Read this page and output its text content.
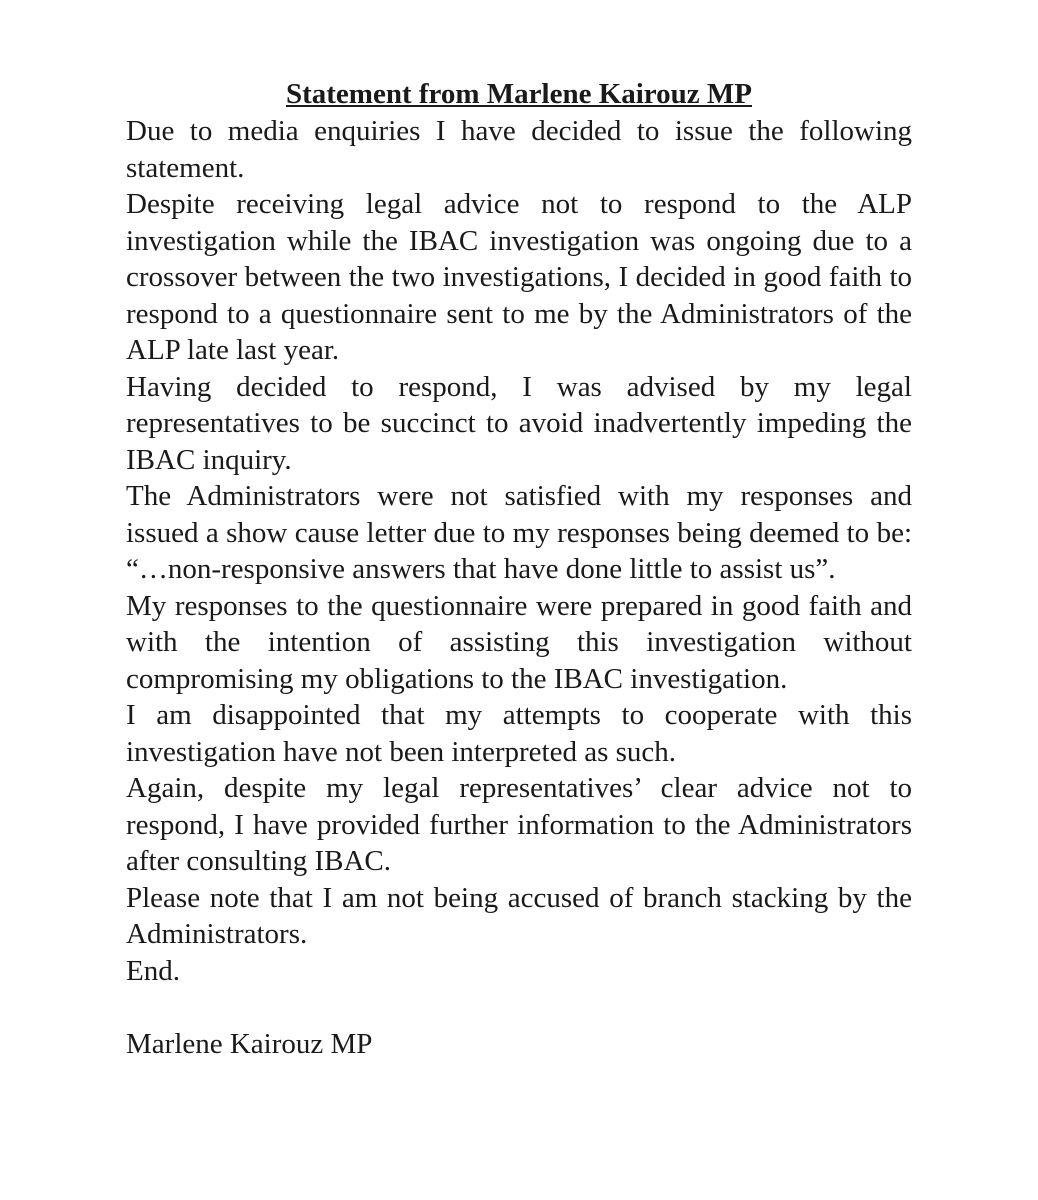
Statement from Marlene Kairouz MP

Due to media enquiries I have decided to issue the following statement.

Despite receiving legal advice not to respond to the ALP investigation while the IBAC investigation was ongoing due to a crossover between the two investigations, I decided in good faith to respond to a questionnaire sent to me by the Administrators of the ALP late last year.

Having decided to respond, I was advised by my legal representatives to be succinct to avoid inadvertently impeding the IBAC inquiry.

The Administrators were not satisfied with my responses and issued a show cause letter due to my responses being deemed to be: “…non-responsive answers that have done little to assist us”.

My responses to the questionnaire were prepared in good faith and with the intention of assisting this investigation without compromising my obligations to the IBAC investigation.

I am disappointed that my attempts to cooperate with this investigation have not been interpreted as such.

Again, despite my legal representatives’ clear advice not to respond, I have provided further information to the Administrators after consulting IBAC.

Please note that I am not being accused of branch stacking by the Administrators.

End.

Marlene Kairouz MP
